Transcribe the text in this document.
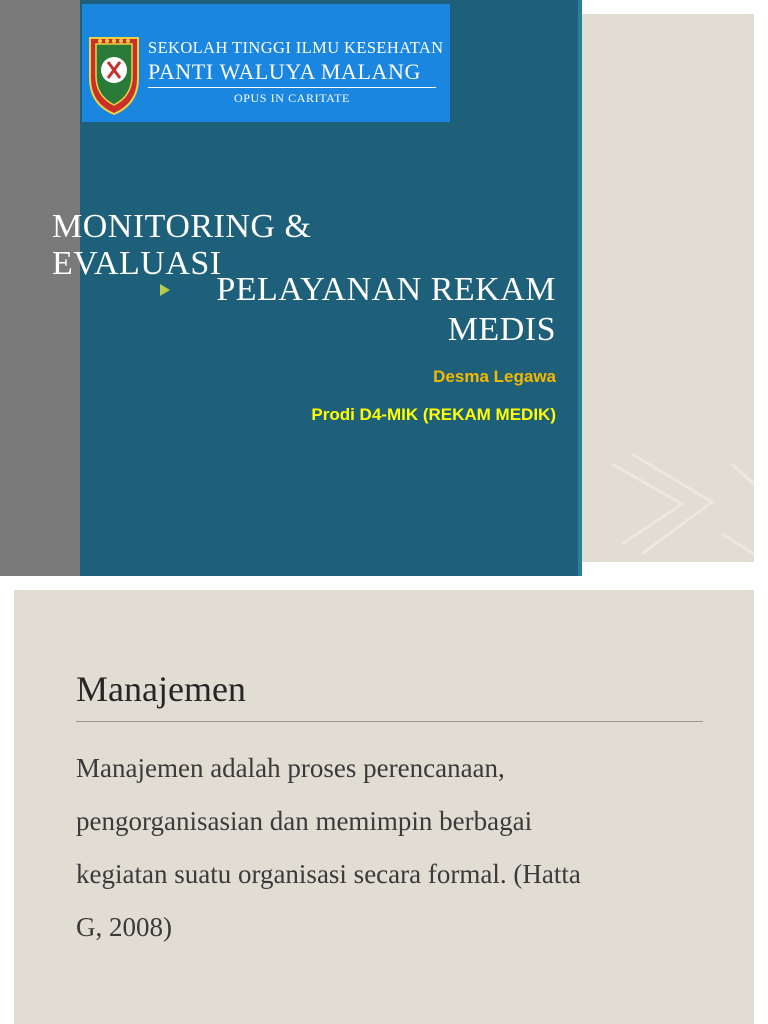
SEKOLAH TINGGI ILMU KESEHATAN
PANTI WALUYA MALANG
OPUS IN CARITATE
MONITORING & EVALUASI
PELAYANAN REKAM MEDIS
Desma Legawa
Prodi D4-MIK (REKAM MEDIK)
Manajemen
Manajemen adalah proses perencanaan,
pengorganisasian dan memimpin berbagai
kegiatan suatu organisasi secara formal. (Hatta
G, 2008)
